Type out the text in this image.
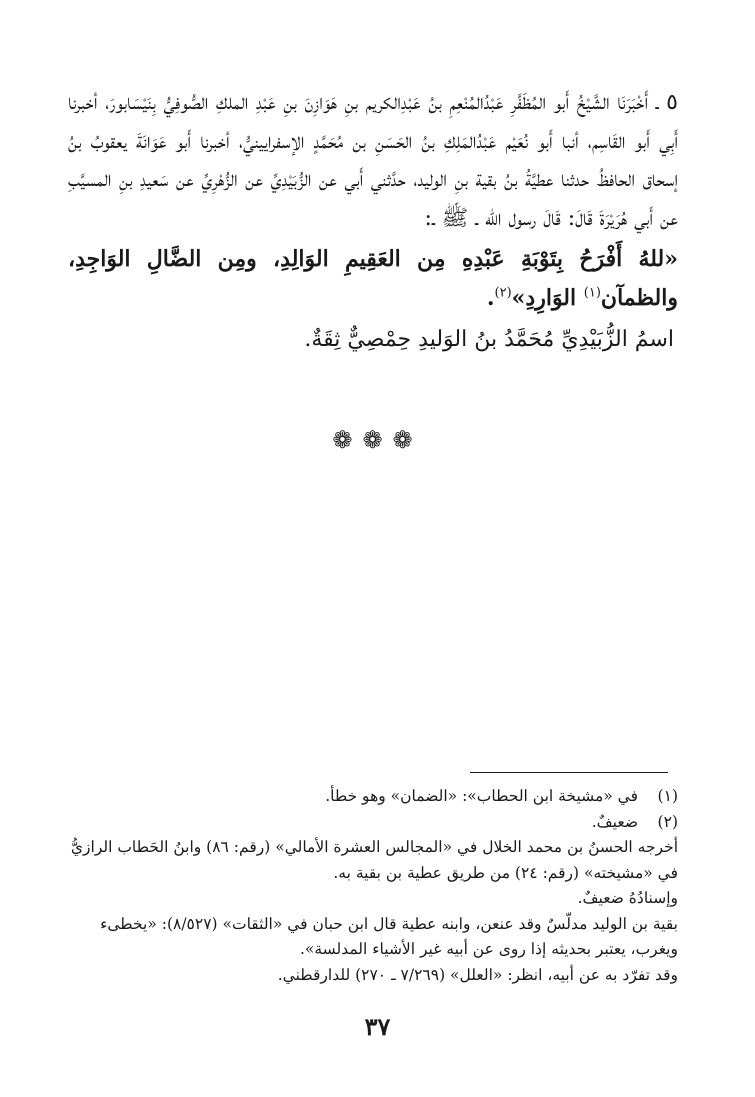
٥ ـ أَخْبَرَنَا الشَّيْخُ أَبو المُظَفَّرِ عَبْدُالمُنْعِمِ بنُ عَبْدِالكريم بنِ هَوَازِنَ بنِ عَبْدِ الملكِ الصُّوفِيُّ بِنَيْسَابورَ، أخبرنا أَبِي أَبو القَاسِم، أنبا أَبو نُعَيْم عَبْدُالمَلِكِ بنُ الحَسَنِ بن مُحَمَّدٍ الإسفرايينيُّ، أخبرنا أَبو عَوَانَةَ يعقوبُ بنُ إسحاق الحافظُ حدثنا عطيَّةُ بنُ بقية بنِ الوليد، حدَّثني أَبي عن الزُّبَيْدِيِّ عن الزُّهْرِيِّ عن سَعيدِ بنِ المسيَّبِ عن أَبي هُرَيْرَةَ قَالَ: قَالَ رسول الله ـ ﷺ ـ:

«للهُ أَفْرَحُ بِتَوْبَةِ عَبْدِهِ مِن العَقِيمِ الوَالِدِ، ومِن الضَّالِ الوَاجِدِ، والظمآن$^{(١)}$ الوَارِدِ»$^{(٢)}$.

اسمُ الزُّبَيْدِيِّ مُحَمَّدُ بنُ الوَليدِ حِمْصِيٌّ ثِقَةٌ.

❁❁❁

(١)في «مشيخة ابن الحطاب»: «الضمان» وهو خطأ.

(٢)ضعيفٌ.

أخرجه الحسنُ بن محمد الخلال في «المجالس العشرة الأمالي» (رقم: ٨٦) وابنُ الحَطاب الرازيُّ في «مشيخته» (رقم: ٢٤) من طريق عطية بن بقية به.

وإسنادُهُ ضعيفٌ.

بقية بن الوليد مدلّسٌ وقد عنعن، وابنه عطية قال ابن حبان في «الثقات» (٨/٥٢٧): «يخطىء ويغرب، يعتبر بحديثه إذا روى عن أبيه غير الأشياء المدلسة».

وقد تفرّد به عن أبيه، انظر: «العلل» (٧/٢٦٩ ـ ٢٧٠) للدارقطني.

٣٧
